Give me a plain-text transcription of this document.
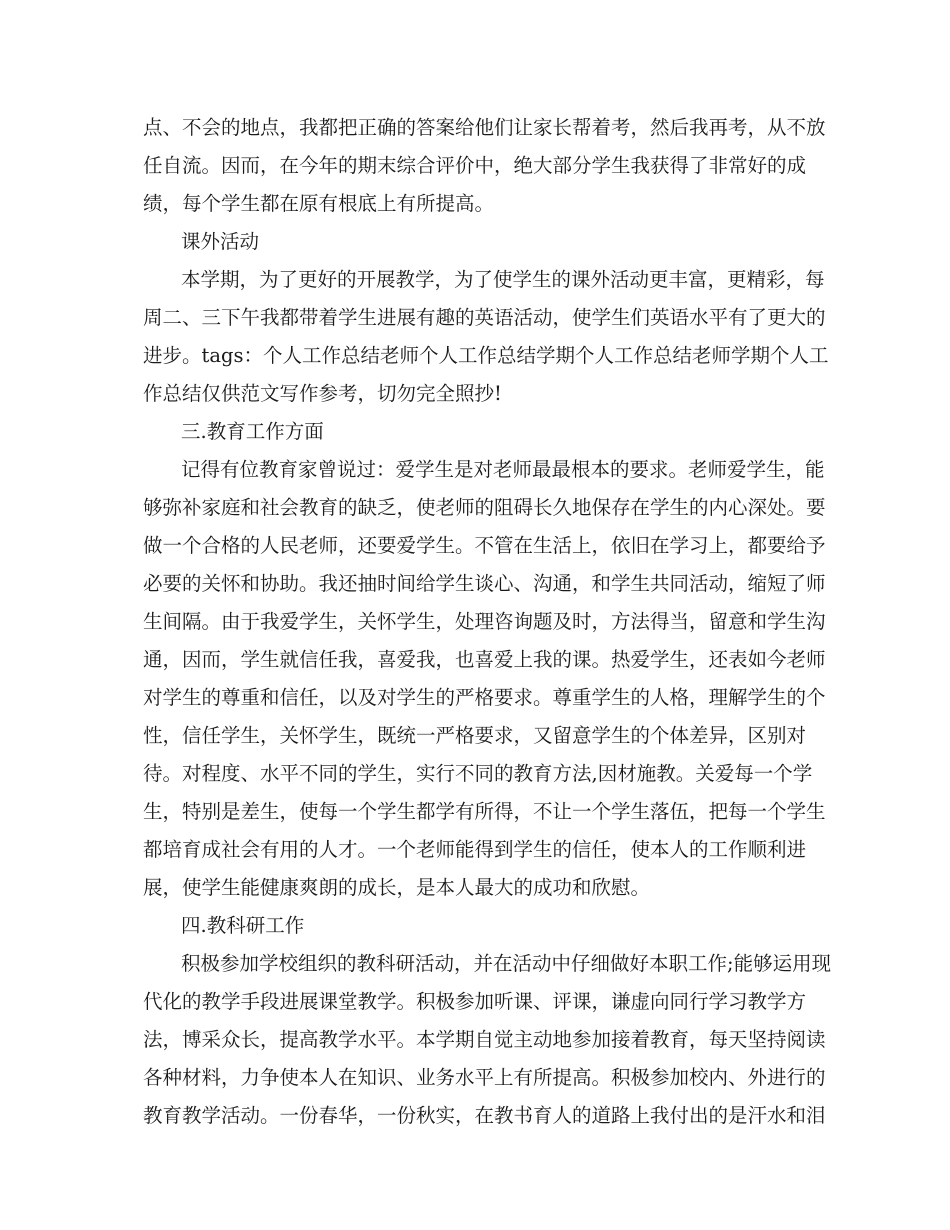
点、不会的地点，我都把正确的答案给他们让家长帮着考，然后我再考，从不放
任自流。因而，在今年的期末综合评价中，绝大部分学生我获得了非常好的成
绩，每个学生都在原有根底上有所提高。
课外活动
本学期，为了更好的开展教学，为了使学生的课外活动更丰富，更精彩，每
周二、三下午我都带着学生进展有趣的英语活动，使学生们英语水平有了更大的
进步。tags：个人工作总结老师个人工作总结学期个人工作总结老师学期个人工
作总结仅供范文写作参考，切勿完全照抄!
三.教育工作方面
记得有位教育家曾说过：爱学生是对老师最最根本的要求。老师爱学生，能
够弥补家庭和社会教育的缺乏，使老师的阻碍长久地保存在学生的内心深处。要
做一个合格的人民老师，还要爱学生。不管在生活上，依旧在学习上，都要给予
必要的关怀和协助。我还抽时间给学生谈心、沟通，和学生共同活动，缩短了师
生间隔。由于我爱学生，关怀学生，处理咨询题及时，方法得当，留意和学生沟
通，因而，学生就信任我，喜爱我，也喜爱上我的课。热爱学生，还表如今老师
对学生的尊重和信任，以及对学生的严格要求。尊重学生的人格，理解学生的个
性，信任学生，关怀学生，既统一严格要求，又留意学生的个体差异，区别对
待。对程度、水平不同的学生，实行不同的教育方法,因材施教。关爱每一个学
生，特别是差生，使每一个学生都学有所得，不让一个学生落伍，把每一个学生
都培育成社会有用的人才。一个老师能得到学生的信任，使本人的工作顺利进
展，使学生能健康爽朗的成长，是本人最大的成功和欣慰。
四.教科研工作
积极参加学校组织的教科研活动，并在活动中仔细做好本职工作;能够运用现
代化的教学手段进展课堂教学。积极参加听课、评课，谦虚向同行学习教学方
法，博采众长，提高教学水平。本学期自觉主动地参加接着教育，每天坚持阅读
各种材料，力争使本人在知识、业务水平上有所提高。积极参加校内、外进行的
教育教学活动。一份春华，一份秋实，在教书育人的道路上我付出的是汗水和泪
